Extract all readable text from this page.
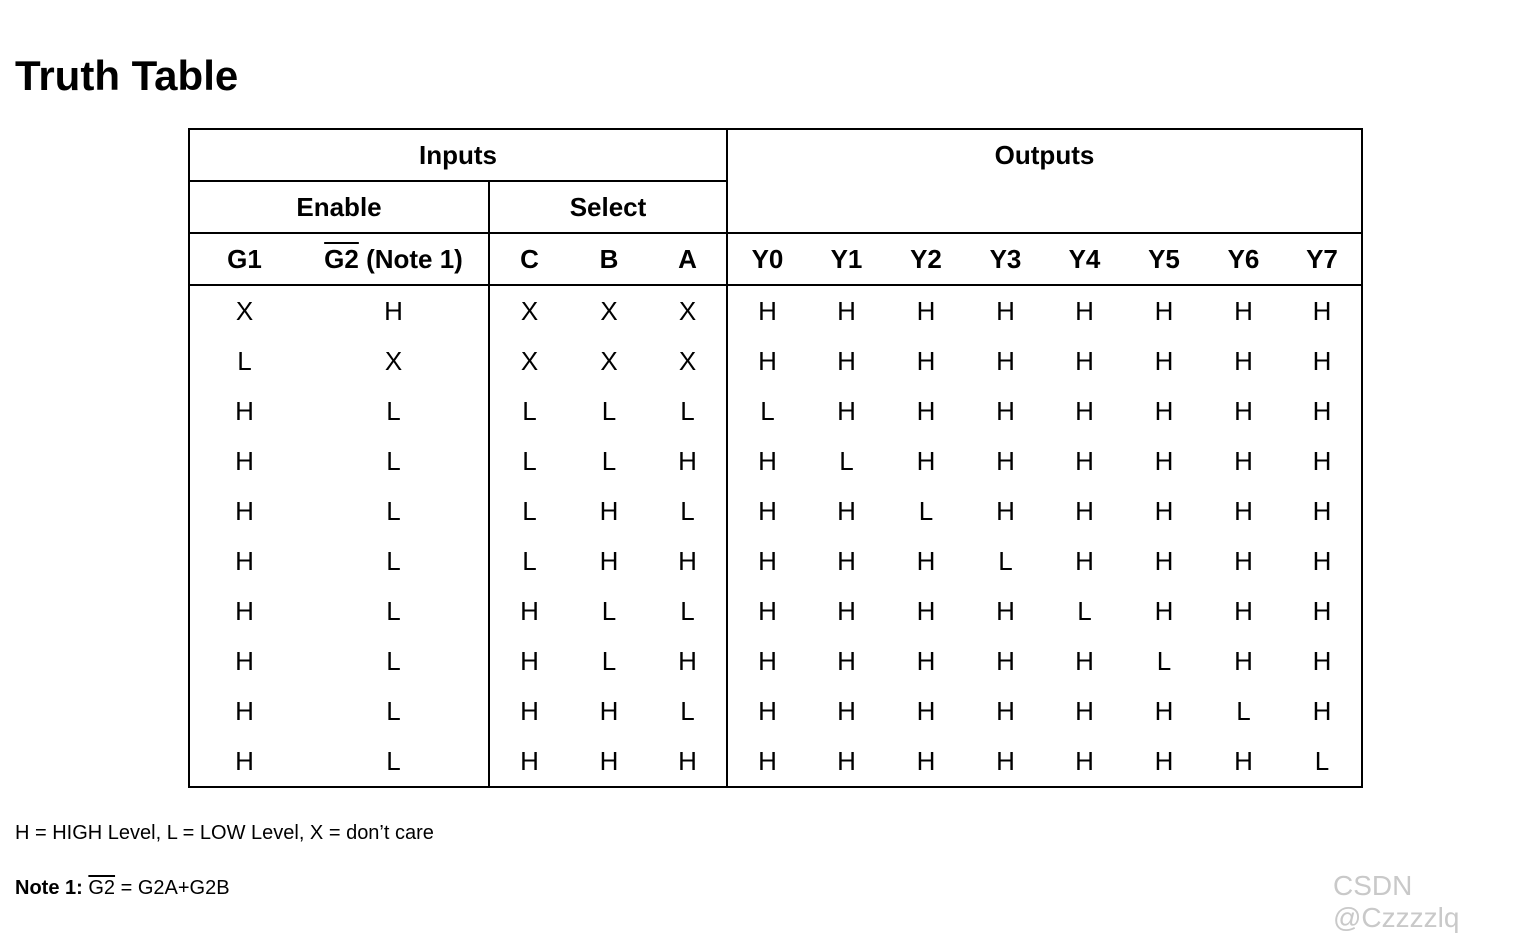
Truth Table
Inputs					Outputs							
Enable		Select										
G1	G2 (Note 1)	C	B	A	Y0	Y1	Y2	Y3	Y4	Y5	Y6	Y7
X	H	X	X	X	H	H	H	H	H	H	H	H
L	X	X	X	X	H	H	H	H	H	H	H	H
H	L	L	L	L	L	H	H	H	H	H	H	H
H	L	L	L	H	H	L	H	H	H	H	H	H
H	L	L	H	L	H	H	L	H	H	H	H	H
H	L	L	H	H	H	H	H	L	H	H	H	H
H	L	H	L	L	H	H	H	H	L	H	H	H
H	L	H	L	H	H	H	H	H	H	L	H	H
H	L	H	H	L	H	H	H	H	H	H	L	H
H	L	H	H	H	H	H	H	H	H	H	H	L
H = HIGH Level, L = LOW Level, X = don’t care
Note 1: G2 = G2A+G2B	CSDN @Czzzzlq
